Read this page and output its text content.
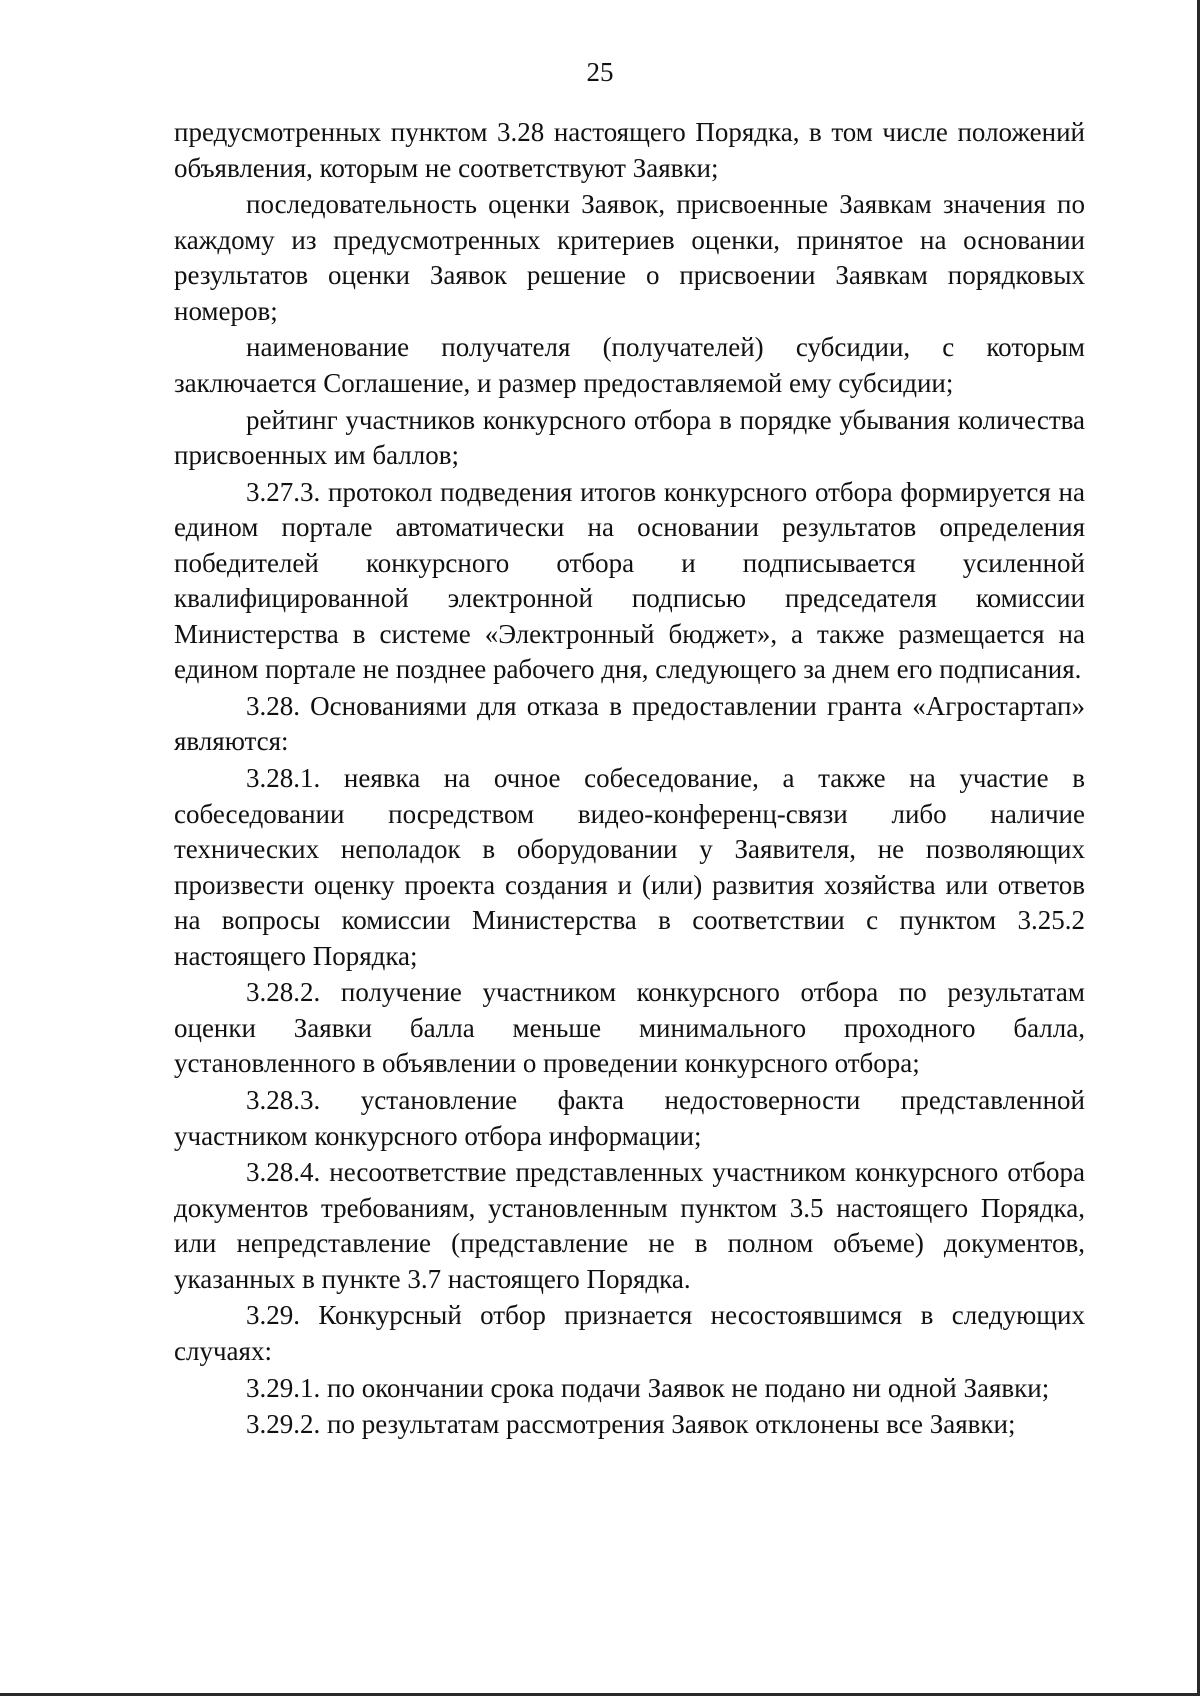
25

предусмотренных пунктом 3.28 настоящего Порядка, в том числе положений объявления, которым не соответствуют Заявки;

последовательность оценки Заявок, присвоенные Заявкам значения по каждому из предусмотренных критериев оценки, принятое на основании результатов оценки Заявок решение о присвоении Заявкам порядковых номеров;

наименование получателя (получателей) субсидии, с которым заключается Соглашение, и размер предоставляемой ему субсидии;

рейтинг участников конкурсного отбора в порядке убывания количества присвоенных им баллов;

3.27.3. протокол подведения итогов конкурсного отбора формируется на едином портале автоматически на основании результатов определения победителей конкурсного отбора и подписывается усиленной квалифицированной электронной подписью председателя комиссии Министерства в системе «Электронный бюджет», а также размещается на едином портале не позднее рабочего дня, следующего за днем его подписания.

3.28. Основаниями для отказа в предоставлении гранта «Агростартап» являются:

3.28.1. неявка на очное собеседование, а также на участие в собеседовании посредством видео-конференц-связи либо наличие технических неполадок в оборудовании у Заявителя, не позволяющих произвести оценку проекта создания и (или) развития хозяйства или ответов на вопросы комиссии Министерства в соответствии с пунктом 3.25.2 настоящего Порядка;

3.28.2. получение участником конкурсного отбора по результатам оценки Заявки балла меньше минимального проходного балла, установленного в объявлении о проведении конкурсного отбора;

3.28.3. установление факта недостоверности представленной участником конкурсного отбора информации;

3.28.4. несоответствие представленных участником конкурсного отбора документов требованиям, установленным пунктом 3.5 настоящего Порядка, или непредставление (представление не в полном объеме) документов, указанных в пункте 3.7 настоящего Порядка.

3.29. Конкурсный отбор признается несостоявшимся в следующих случаях:

3.29.1. по окончании срока подачи Заявок не подано ни одной Заявки;

3.29.2. по результатам рассмотрения Заявок отклонены все Заявки;
